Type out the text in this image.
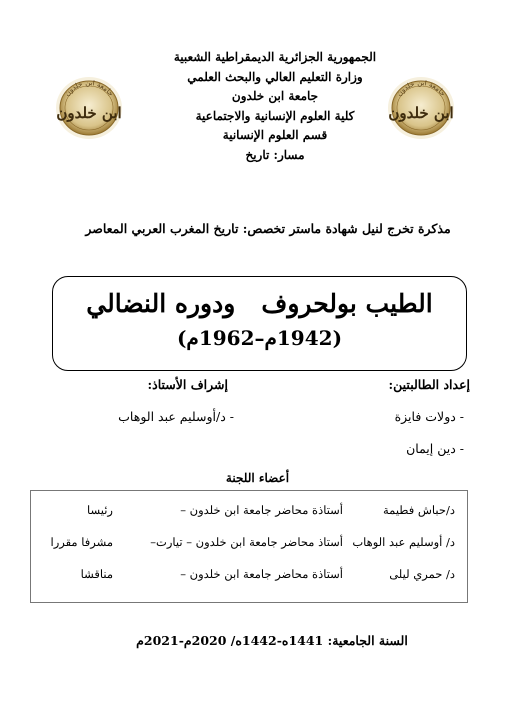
جامعة ابن خلدون
ابن خلدون
جامعة ابن خلدون
ابن خلدون
الجمهورية الجزائرية الديمقراطية الشعبية
وزارة التعليم العالي والبحث العلمي
جامعة ابن خلدون
كلية العلوم الإنسانية والاجتماعية
قسم العلوم الإنسانية
مسار: تاريخ
مذكرة تخرج لنيل شهادة ماستر تخصص: تاريخ المغرب العربي المعاصر
الطيب بولحروف   ودوره النضالي
(1942م–1962م)
إعداد الطالبتين:
إشراف الأستاذ:
- دولات فايزة
- دين إيمان
- د/أوسليم عبد الوهاب
أعضاء اللجنة
د/حباش فطيمة
أستاذة محاضر جامعة ابن خلدون –
رئيسا
د/ أوسليم عبد الوهاب
أستاذ محاضر جامعة ابن خلدون – تيارت–
مشرفا مقررا
د/ حمري ليلى
أستاذة محاضر جامعة ابن خلدون –
مناقشا
السنة الجامعية: 1441ه-1442ه/ 2020م-2021م
